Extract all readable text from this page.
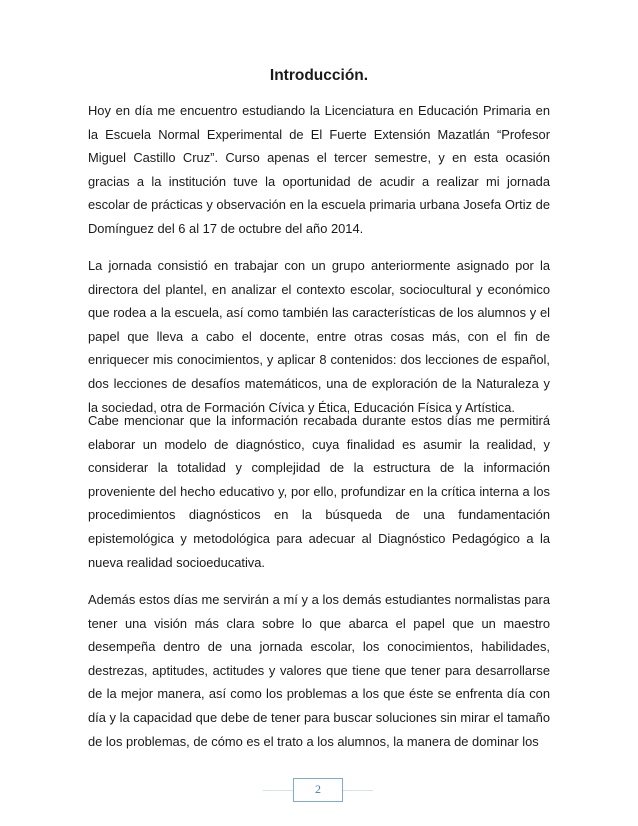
Introducción.

Hoy en día me encuentro estudiando la Licenciatura en Educación Primaria en la Escuela Normal Experimental de El Fuerte Extensión Mazatlán “Profesor Miguel Castillo Cruz”. Curso apenas el tercer semestre, y en esta ocasión gracias a la institución tuve la oportunidad de acudir a realizar mi jornada escolar de prácticas y observación en la escuela primaria urbana Josefa Ortiz de Domínguez del 6 al 17 de octubre del año 2014.

La jornada consistió en trabajar con un grupo anteriormente asignado por la directora del plantel, en analizar el contexto escolar, sociocultural y económico que rodea a la escuela, así como también las características de los alumnos y el papel que lleva a cabo el docente, entre otras cosas más, con el fin de enriquecer mis conocimientos, y aplicar 8 contenidos: dos lecciones de español, dos lecciones de desafíos matemáticos, una de exploración de la Naturaleza y la sociedad, otra de Formación Cívica y Ética, Educación Física y Artística.

Cabe mencionar que la información recabada durante estos días me permitirá elaborar un modelo de diagnóstico, cuya finalidad es asumir la realidad, y considerar la totalidad y complejidad de la estructura de la información proveniente del hecho educativo y, por ello, profundizar en la crítica interna a los procedimientos diagnósticos en la búsqueda de una fundamentación epistemológica y metodológica para adecuar al Diagnóstico Pedagógico a la nueva realidad socioeducativa.

Además estos días me servirán a mí y a los demás estudiantes normalistas para tener una visión más clara sobre lo que abarca el papel que un maestro desempeña dentro de una jornada escolar, los conocimientos, habilidades, destrezas, aptitudes, actitudes y valores que tiene que tener para desarrollarse de la mejor manera, así como los problemas a los que éste se enfrenta día con día y la capacidad que debe de tener para buscar soluciones sin mirar el tamaño de los problemas, de cómo es el trato a los alumnos, la manera de dominar los

2
